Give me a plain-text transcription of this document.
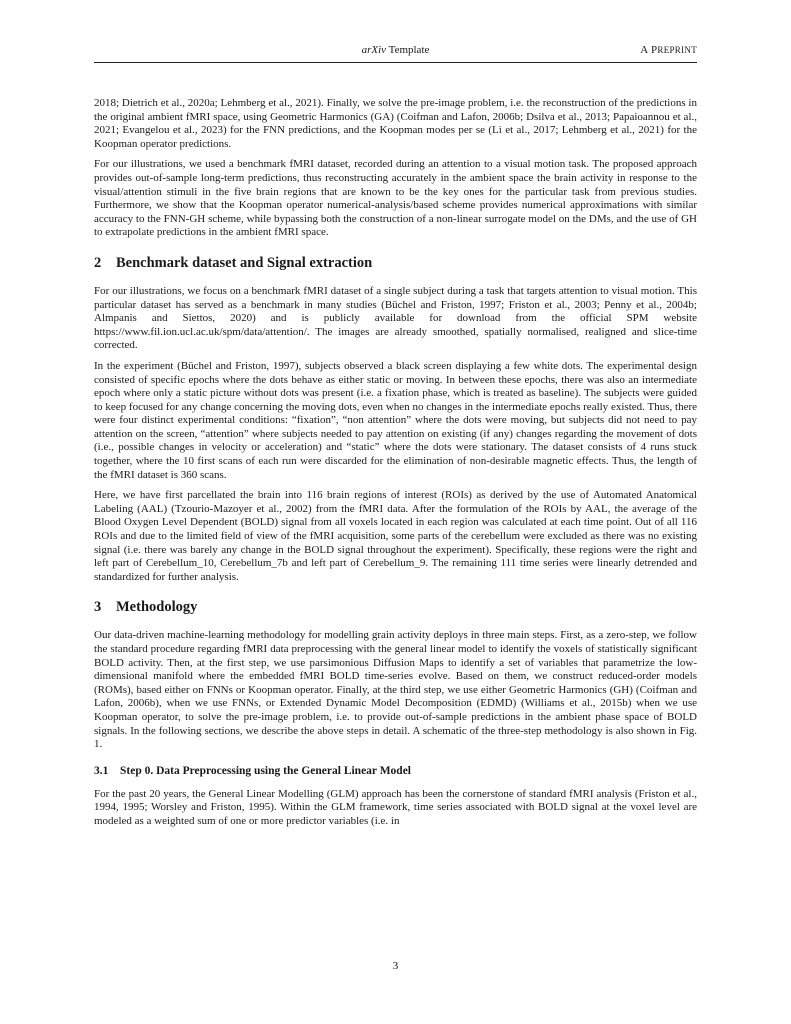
arXiv Template	A PREPRINT

2018; Dietrich et al., 2020a; Lehmberg et al., 2021). Finally, we solve the pre-image problem, i.e. the reconstruction of the predictions in the original ambient fMRI space, using Geometric Harmonics (GA) (Coifman and Lafon, 2006b; Dsilva et al., 2013; Papaioannou et al., 2021; Evangelou et al., 2023) for the FNN predictions, and the Koopman modes per se (Li et al., 2017; Lehmberg et al., 2021) for the Koopman operator predictions.

For our illustrations, we used a benchmark fMRI dataset, recorded during an attention to a visual motion task. The proposed approach provides out-of-sample long-term predictions, thus reconstructing accurately in the ambient space the brain activity in response to the visual/attention stimuli in the five brain regions that are known to be the key ones for the particular task from previous studies. Furthermore, we show that the Koopman operator numerical-analysis/based scheme provides numerical approximations with similar accuracy to the FNN-GH scheme, while bypassing both the construction of a non-linear surrogate model on the DMs, and the use of GH to extrapolate predictions in the ambient fMRI space.

2 Benchmark dataset and Signal extraction

For our illustrations, we focus on a benchmark fMRI dataset of a single subject during a task that targets attention to visual motion. This particular dataset has served as a benchmark in many studies (Büchel and Friston, 1997; Friston et al., 2003; Penny et al., 2004b; Almpanis and Siettos, 2020) and is publicly available for download from the official SPM website https://www.fil.ion.ucl.ac.uk/spm/data/attention/. The images are already smoothed, spatially normalised, realigned and slice-time corrected.

In the experiment (Büchel and Friston, 1997), subjects observed a black screen displaying a few white dots. The experimental design consisted of specific epochs where the dots behave as either static or moving. In between these epochs, there was also an intermediate epoch where only a static picture without dots was present (i.e. a fixation phase, which is treated as baseline). The subjects were guided to keep focused for any change concerning the moving dots, even when no changes in the intermediate epochs really existed. Thus, there were four distinct experimental conditions: “fixation”, “non attention” where the dots were moving, but subjects did not need to pay attention on the screen, “attention” where subjects needed to pay attention on existing (if any) changes regarding the movement of dots (i.e., possible changes in velocity or acceleration) and “static” where the dots were stationary. The dataset consists of 4 runs stuck together, where the 10 first scans of each run were discarded for the elimination of non-desirable magnetic effects. Thus, the length of the fMRI dataset is 360 scans.

Here, we have first parcellated the brain into 116 brain regions of interest (ROIs) as derived by the use of Automated Anatomical Labeling (AAL) (Tzourio-Mazoyer et al., 2002) from the fMRI data. After the formulation of the ROIs by AAL, the average of the Blood Oxygen Level Dependent (BOLD) signal from all voxels located in each region was calculated at each time point. Out of all 116 ROIs and due to the limited field of view of the fMRI acquisition, some parts of the cerebellum were excluded as there was no existing signal (i.e. there was barely any change in the BOLD signal throughout the experiment). Specifically, these regions were the right and left part of Cerebellum_10, Cerebellum_7b and left part of Cerebellum_9. The remaining 111 time series were linearly detrended and standardized for further analysis.

3 Methodology

Our data-driven machine-learning methodology for modelling grain activity deploys in three main steps. First, as a zero-step, we follow the standard procedure regarding fMRI data preprocessing with the general linear model to identify the voxels of statistically significant BOLD activity. Then, at the first step, we use parsimonious Diffusion Maps to identify a set of variables that parametrize the low-dimensional manifold where the embedded fMRI BOLD time-series evolve. Based on them, we construct reduced-order models (ROMs), based either on FNNs or Koopman operator. Finally, at the third step, we use either Geometric Harmonics (GH) (Coifman and Lafon, 2006b), when we use FNNs, or Extended Dynamic Model Decomposition (EDMD) (Williams et al., 2015b) when we use Koopman operator, to solve the pre-image problem, i.e. to provide out-of-sample predictions in the ambient phase space of BOLD signals. In the following sections, we describe the above steps in detail. A schematic of the three-step methodology is also shown in Fig. 1.

3.1 Step 0. Data Preprocessing using the General Linear Model

For the past 20 years, the General Linear Modelling (GLM) approach has been the cornerstone of standard fMRI analysis (Friston et al., 1994, 1995; Worsley and Friston, 1995). Within the GLM framework, time series associated with BOLD signal at the voxel level are modeled as a weighted sum of one or more predictor variables (i.e. in

3
